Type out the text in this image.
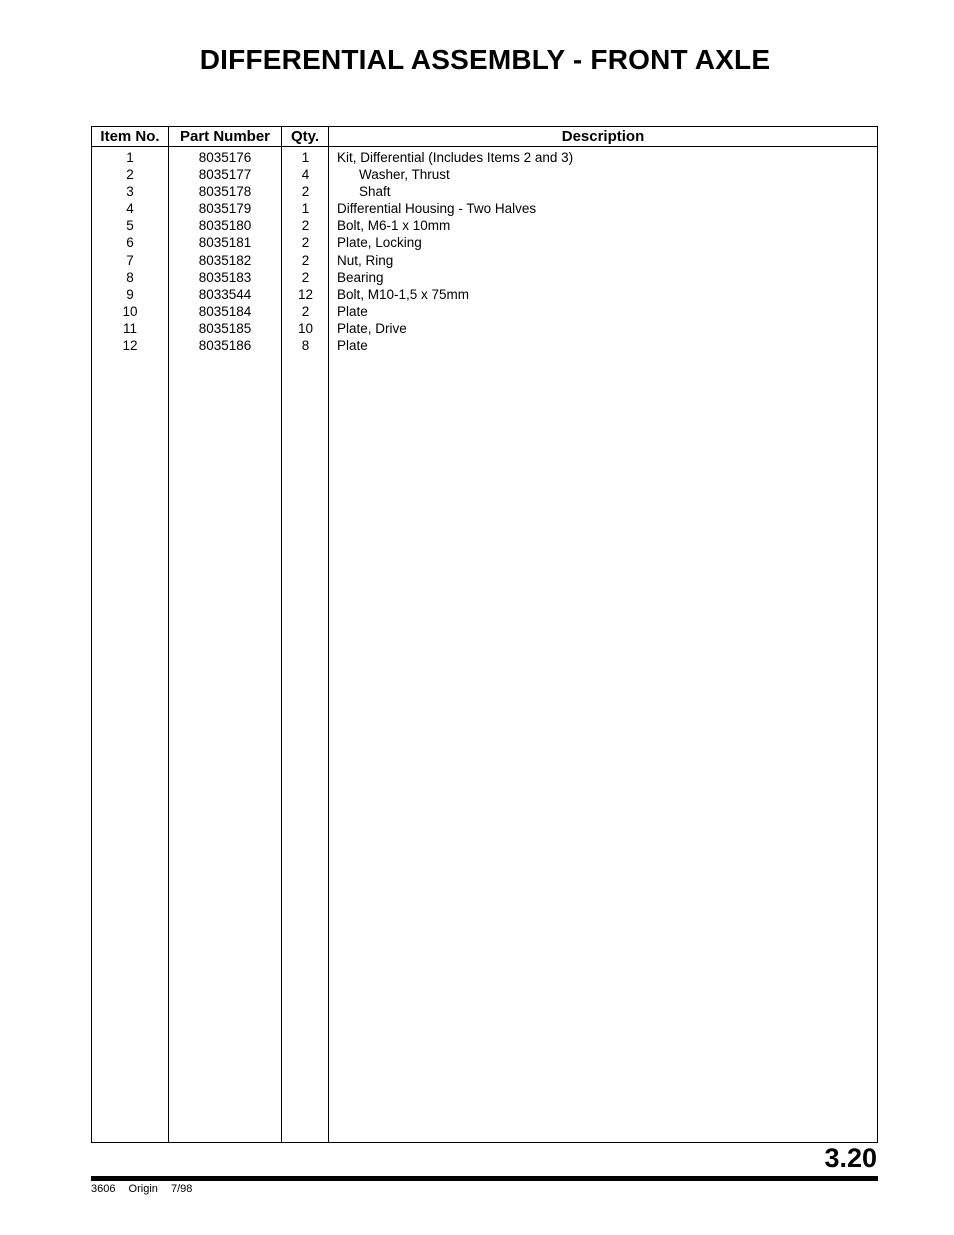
DIFFERENTIAL ASSEMBLY - FRONT AXLE
Item No.	Part Number	Qty.	Description
1	8035176	1	Kit, Differential (Includes Items 2 and 3)
2	8035177	4	Washer, Thrust
3	8035178	2	Shaft
4	8035179	1	Differential Housing - Two Halves
5	8035180	2	Bolt, M6-1 x 10mm
6	8035181	2	Plate, Locking
7	8035182	2	Nut, Ring
8	8035183	2	Bearing
9	8033544	12	Bolt, M10-1,5 x 75mm
10	8035184	2	Plate
11	8035185	10	Plate, Drive
12	8035186	8	Plate
3.20
3606 Origin 7/98
